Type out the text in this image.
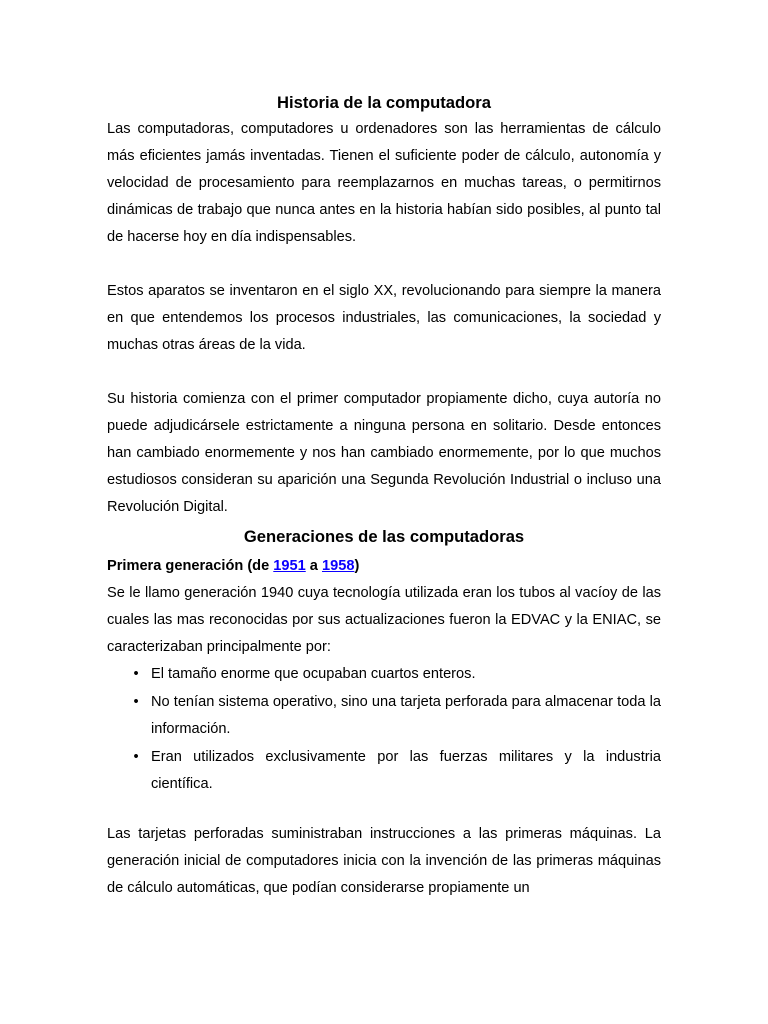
Historia de la computadora

Las computadoras, computadores u ordenadores son las herramientas de cálculo más eficientes jamás inventadas. Tienen el suficiente poder de cálculo, autonomía y velocidad de procesamiento para reemplazarnos en muchas tareas, o permitirnos dinámicas de trabajo que nunca antes en la historia habían sido posibles, al punto tal de hacerse hoy en día indispensables.

Estos aparatos se inventaron en el siglo XX, revolucionando para siempre la manera en que entendemos los procesos industriales, las comunicaciones, la sociedad y muchas otras áreas de la vida.

Su historia comienza con el primer computador propiamente dicho, cuya autoría no puede adjudicársele estrictamente a ninguna persona en solitario. Desde entonces han cambiado enormemente y nos han cambiado enormemente, por lo que muchos estudiosos consideran su aparición una Segunda Revolución Industrial o incluso una Revolución Digital.

Generaciones de las computadoras

Primera generación (de 1951 a 1958)

Se le llamo generación 1940 cuya tecnología utilizada eran los tubos al vacíoy de las cuales las mas reconocidas por sus actualizaciones fueron la EDVAC y la ENIAC, se caracterizaban principalmente por:

• El tamaño enorme que ocupaban cuartos enteros.
• No tenían sistema operativo, sino una tarjeta perforada para almacenar toda la información.
• Eran utilizados exclusivamente por las fuerzas militares y la industria científica.

Las tarjetas perforadas suministraban instrucciones a las primeras máquinas. La generación inicial de computadores inicia con la invención de las primeras máquinas de cálculo automáticas, que podían considerarse propiamente un
